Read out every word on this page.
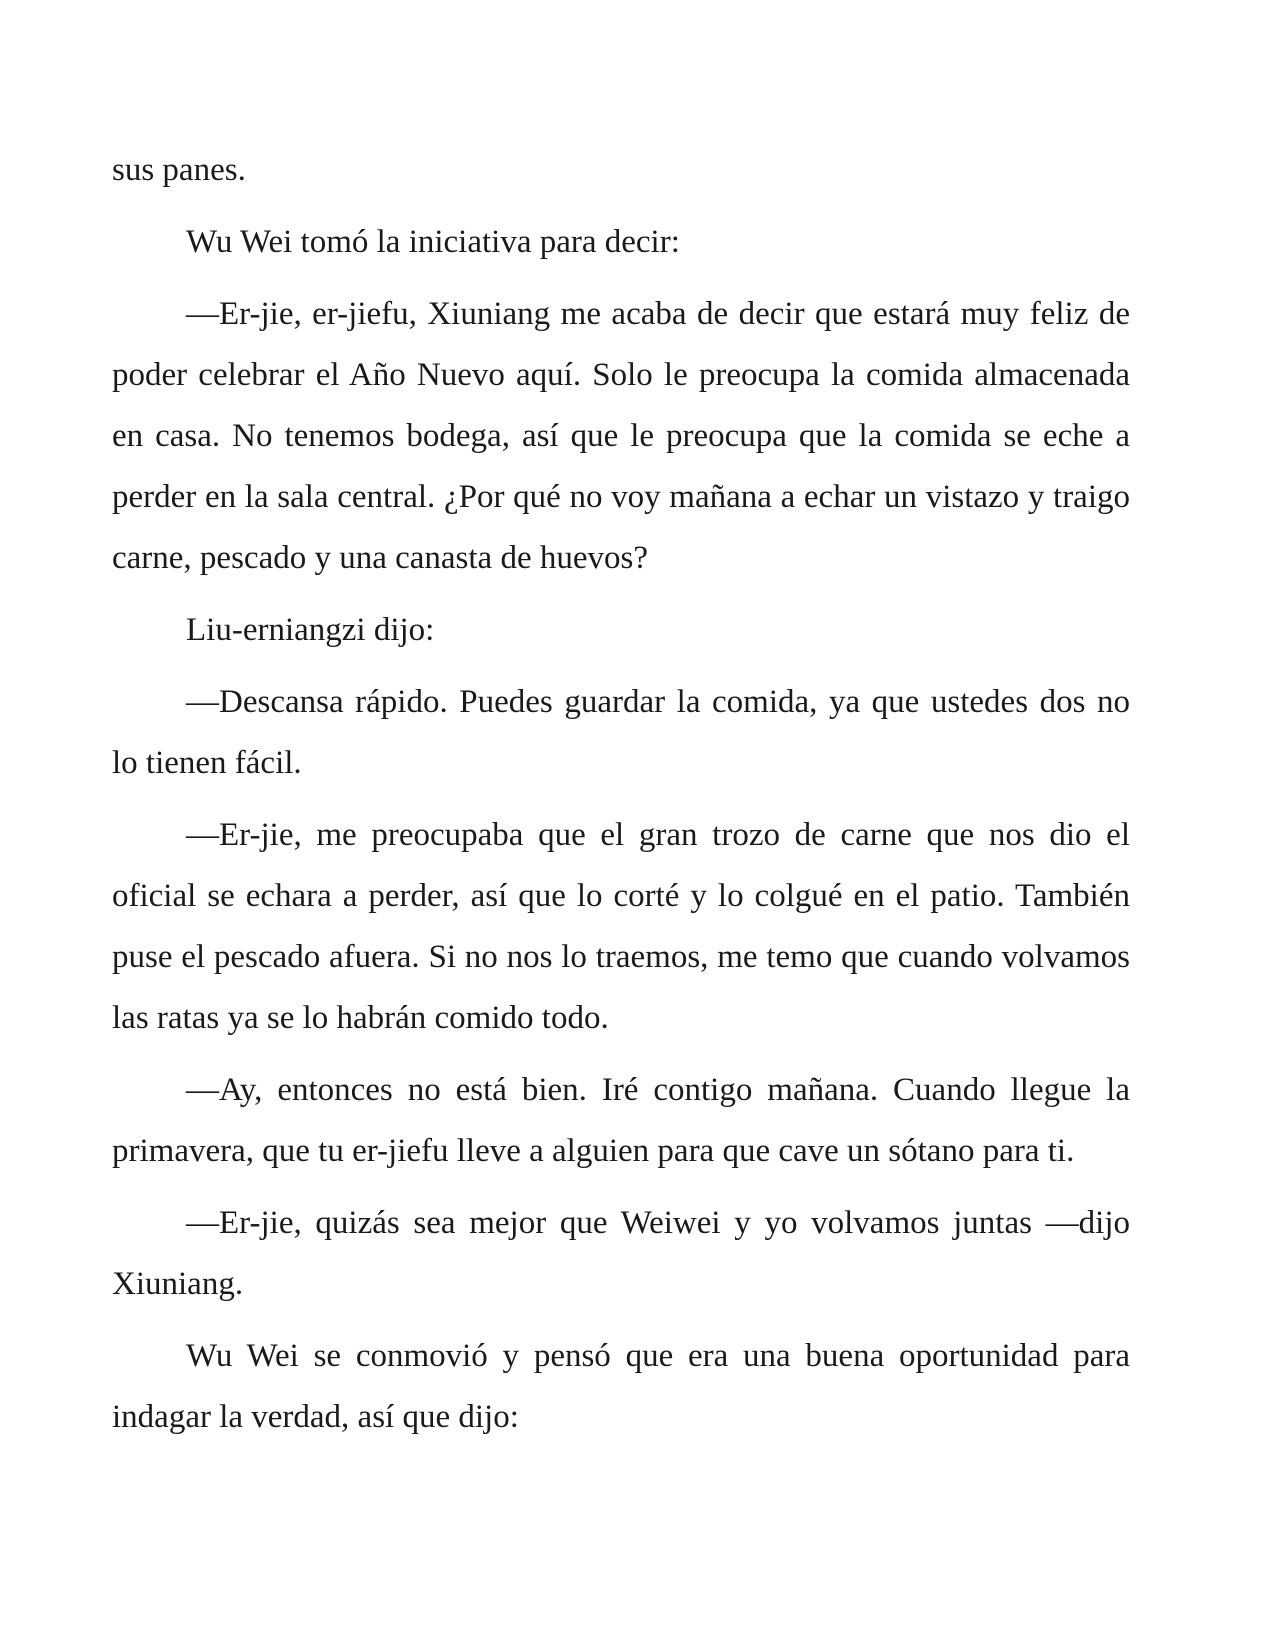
sus panes.

Wu Wei tomó la iniciativa para decir:

—Er-jie, er-jiefu, Xiuniang me acaba de decir que estará muy feliz de poder celebrar el Año Nuevo aquí. Solo le preocupa la comida almacenada en casa. No tenemos bodega, así que le preocupa que la comida se eche a perder en la sala central. ¿Por qué no voy mañana a echar un vistazo y traigo carne, pescado y una canasta de huevos?

Liu-erniangzi dijo:

—Descansa rápido. Puedes guardar la comida, ya que ustedes dos no lo tienen fácil.

—Er-jie, me preocupaba que el gran trozo de carne que nos dio el oficial se echara a perder, así que lo corté y lo colgué en el patio. También puse el pescado afuera. Si no nos lo traemos, me temo que cuando volvamos las ratas ya se lo habrán comido todo.

—Ay, entonces no está bien. Iré contigo mañana. Cuando llegue la primavera, que tu er-jiefu lleve a alguien para que cave un sótano para ti.

—Er-jie, quizás sea mejor que Weiwei y yo volvamos juntas —dijo Xiuniang.

Wu Wei se conmovió y pensó que era una buena oportunidad para indagar la verdad, así que dijo:
